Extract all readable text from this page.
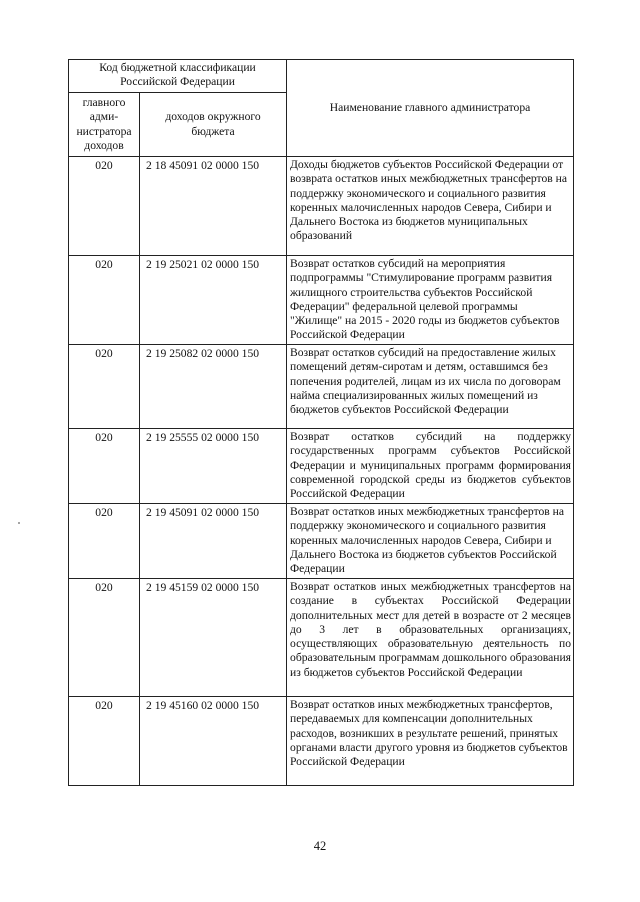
Код бюджетной классификации Российской Федерации		Наименование главного администратора
главного адми-нистратора доходов	доходов окружного бюджета	
020	2 18 45091 02 0000 150	Доходы бюджетов субъектов Российской Федерации от возврата остатков иных межбюджетных трансфертов на поддержку экономического и социального развития коренных малочисленных народов Севера, Сибири и Дальнего Востока из бюджетов муниципальных образований
020	2 19 25021 02 0000 150	Возврат остатков субсидий на мероприятия подпрограммы "Стимулирование программ развития жилищного строительства субъектов Российской Федерации" федеральной целевой программы "Жилище" на 2015 - 2020 годы из бюджетов субъектов Российской Федерации
020	2 19 25082 02 0000 150	Возврат остатков субсидий на предоставление жилых помещений детям-сиротам и детям, оставшимся без попечения родителей, лицам из их числа по договорам найма специализированных жилых помещений из бюджетов субъектов Российской Федерации
020	2 19 25555 02 0000 150	Возврат остатков субсидий на поддержку государственных программ субъектов Российской Федерации и муниципальных программ формирования современной городской среды из бюджетов субъектов Российской Федерации
020	2 19 45091 02 0000 150	Возврат остатков иных межбюджетных трансфертов на поддержку экономического и социального развития коренных малочисленных народов Севера, Сибири и Дальнего Востока из бюджетов субъектов Российской Федерации
020	2 19 45159 02 0000 150	Возврат остатков иных межбюджетных трансфертов на создание в субъектах Российской Федерации дополнительных мест для детей в возрасте от 2 месяцев до 3 лет в образовательных организациях, осуществляющих образовательную деятельность по образовательным программам дошкольного образования из бюджетов субъектов Российской Федерации
020	2 19 45160 02 0000 150	Возврат остатков иных межбюджетных трансфертов, передаваемых для компенсации дополнительных расходов, возникших в результате решений, принятых органами власти другого уровня из бюджетов субъектов Российской Федерации
42
